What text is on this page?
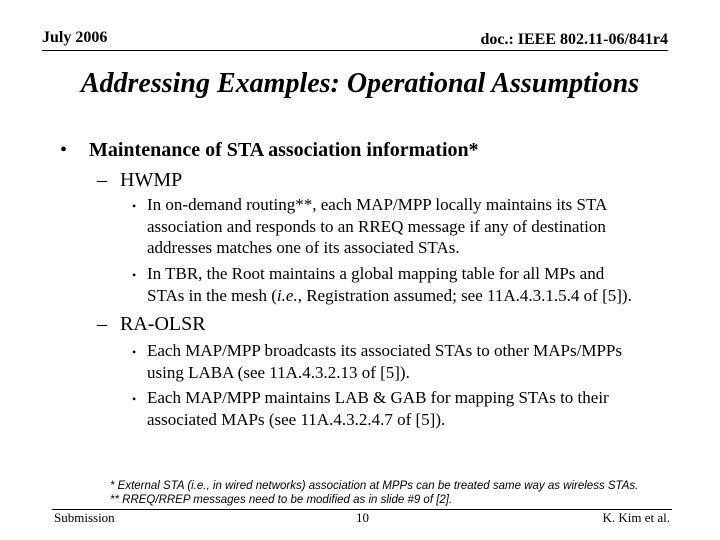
July 2006	doc.: IEEE 802.11-06/841r4
Addressing Examples: Operational Assumptions
• Maintenance of STA association information*
– HWMP
• In on-demand routing**, each MAP/MPP locally maintains its STA
association and responds to an RREQ message if any of destination
addresses matches one of its associated STAs.
• In TBR, the Root maintains a global mapping table for all MPs and
STAs in the mesh (i.e., Registration assumed; see 11A.4.3.1.5.4 of [5]).
– RA-OLSR
• Each MAP/MPP broadcasts its associated STAs to other MAPs/MPPs
using LABA (see 11A.4.3.2.13 of [5]).
• Each MAP/MPP maintains LAB & GAB for mapping STAs to their
associated MAPs (see 11A.4.3.2.4.7 of [5]).
* External STA (i.e., in wired networks) association at MPPs can be treated same way as wireless STAs.
** RREQ/RREP messages need to be modified as in slide #9 of [2].
Submission	10	K. Kim et al.
